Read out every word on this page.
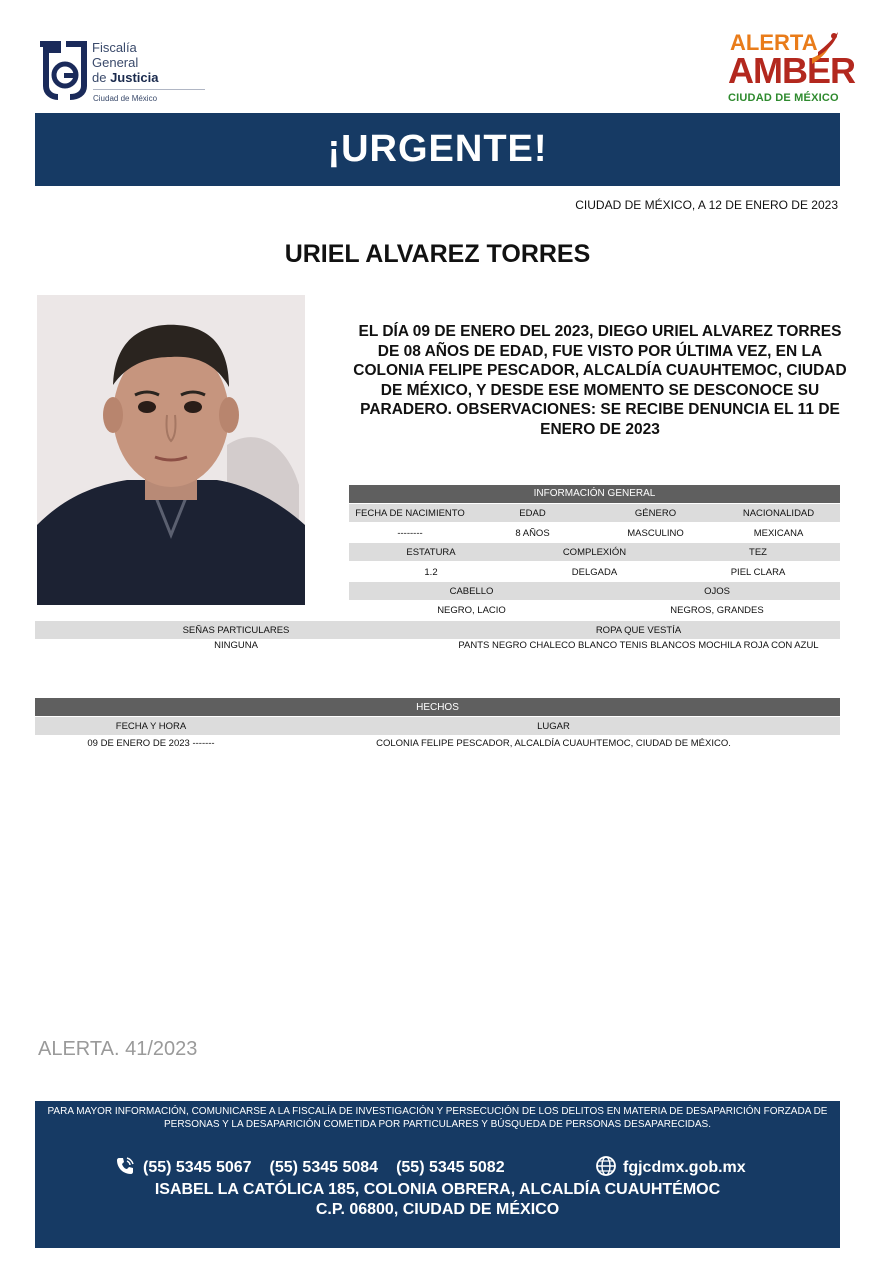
Fiscalía
General
de Justicia
Ciudad de México
ALERTA
AMBER
CIUDAD DE MÉXICO
¡URGENTE!
CIUDAD DE MÉXICO, A 12 DE ENERO DE 2023
URIEL ALVAREZ TORRES
EL DÍA 09 DE ENERO DEL 2023, DIEGO URIEL ALVAREZ TORRES DE 08 AÑOS DE EDAD, FUE VISTO POR ÚLTIMA VEZ, EN LA COLONIA FELIPE PESCADOR, ALCALDÍA CUAUHTEMOC, CIUDAD DE MÉXICO, Y DESDE ESE MOMENTO SE DESCONOCE SU PARADERO. OBSERVACIONES: SE RECIBE DENUNCIA EL 11 DE ENERO DE 2023
INFORMACIÓN GENERAL
FECHA DE NACIMIENTO	EDAD	GÉNERO	NACIONALIDAD
--------	8 AÑOS	MASCULINO	MEXICANA
ESTATURA	COMPLEXIÓN	TEZ
1.2	DELGADA	PIEL CLARA
CABELLO	OJOS
NEGRO, LACIO	NEGROS, GRANDES
SEÑAS PARTICULARES	ROPA QUE VESTÍA
NINGUNA	PANTS NEGRO CHALECO BLANCO TENIS BLANCOS MOCHILA ROJA CON AZUL
HECHOS
FECHA Y HORA	LUGAR
09 DE ENERO DE 2023 -------	COLONIA FELIPE PESCADOR, ALCALDÍA CUAUHTEMOC, CIUDAD DE MÉXICO.
ALERTA. 41/2023
PARA MAYOR INFORMACIÓN, COMUNICARSE A LA FISCALÍA DE INVESTIGACIÓN Y PERSECUCIÓN DE LOS DELITOS EN MATERIA DE DESAPARICIÓN FORZADA DE PERSONAS Y LA DESAPARICIÓN COMETIDA POR PARTICULARES Y BÚSQUEDA DE PERSONAS DESAPARECIDAS.
(55) 5345 5067 (55) 5345 5084 (55) 5345 5082	fgjcdmx.gob.mx
ISABEL LA CATÓLICA 185, COLONIA OBRERA, ALCALDÍA CUAUHTÉMOC
C.P. 06800, CIUDAD DE MÉXICO
